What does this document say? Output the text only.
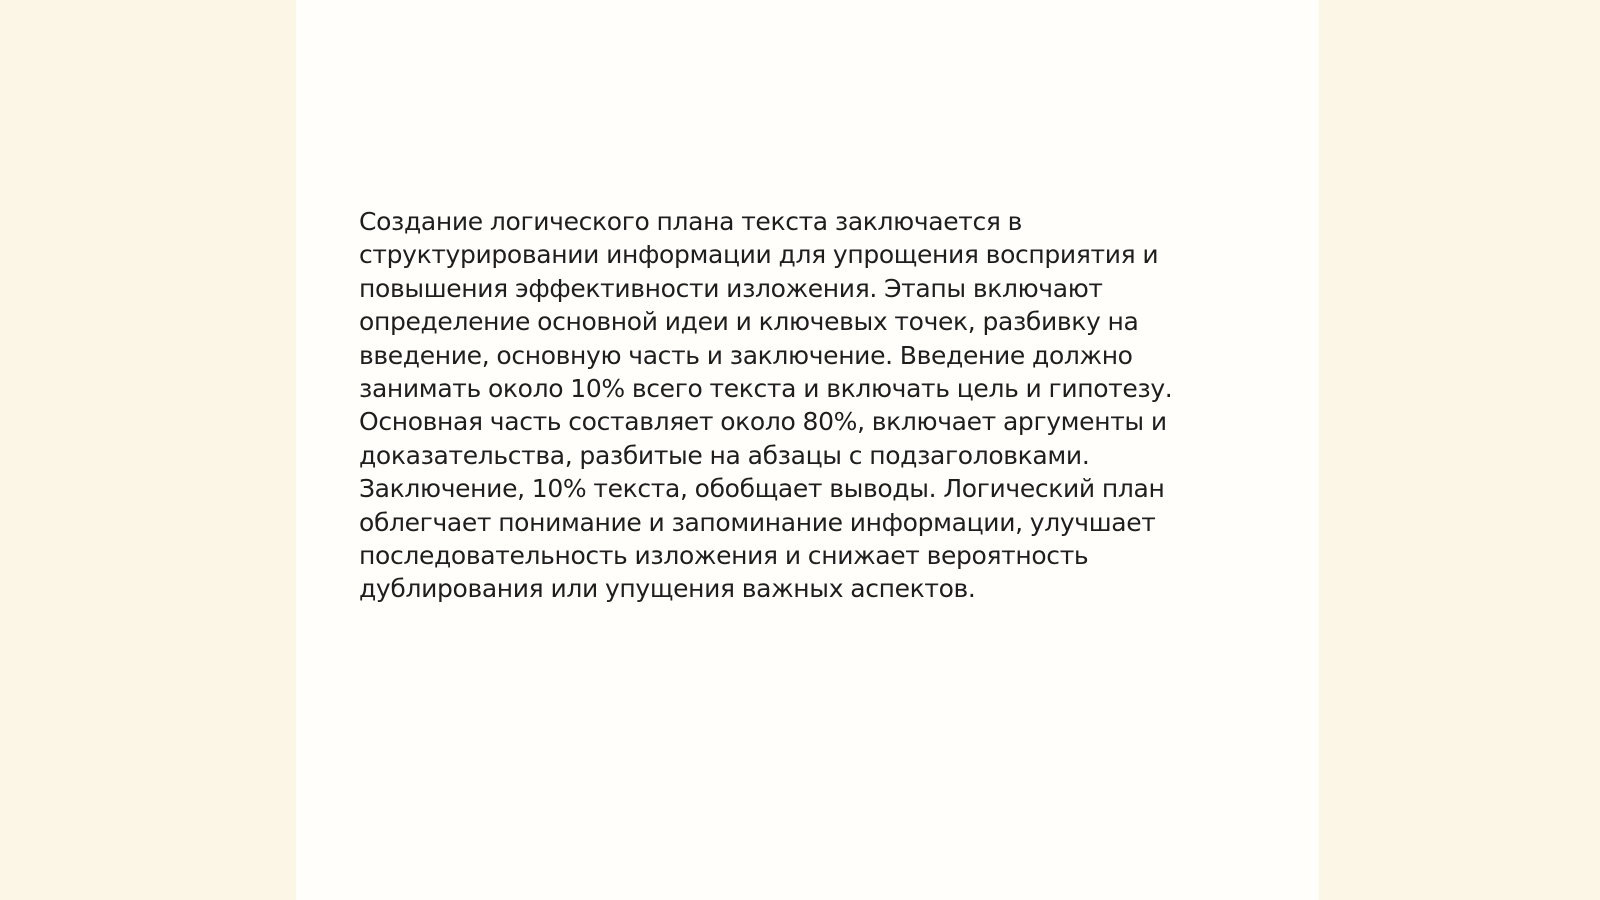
Создание логического плана текста заключается в структурировании информации для упрощения восприятия и повышения эффективности изложения. Этапы включают определение основной идеи и ключевых точек, разбивку на введение, основную часть и заключение. Введение должно занимать около 10% всего текста и включать цель и гипотезу. Основная часть составляет около 80%, включает аргументы и доказательства, разбитые на абзацы с подзаголовками. Заключение, 10% текста, обобщает выводы. Логический план облегчает понимание и запоминание информации, улучшает последовательность изложения и снижает вероятность дублирования или упущения важных аспектов.
